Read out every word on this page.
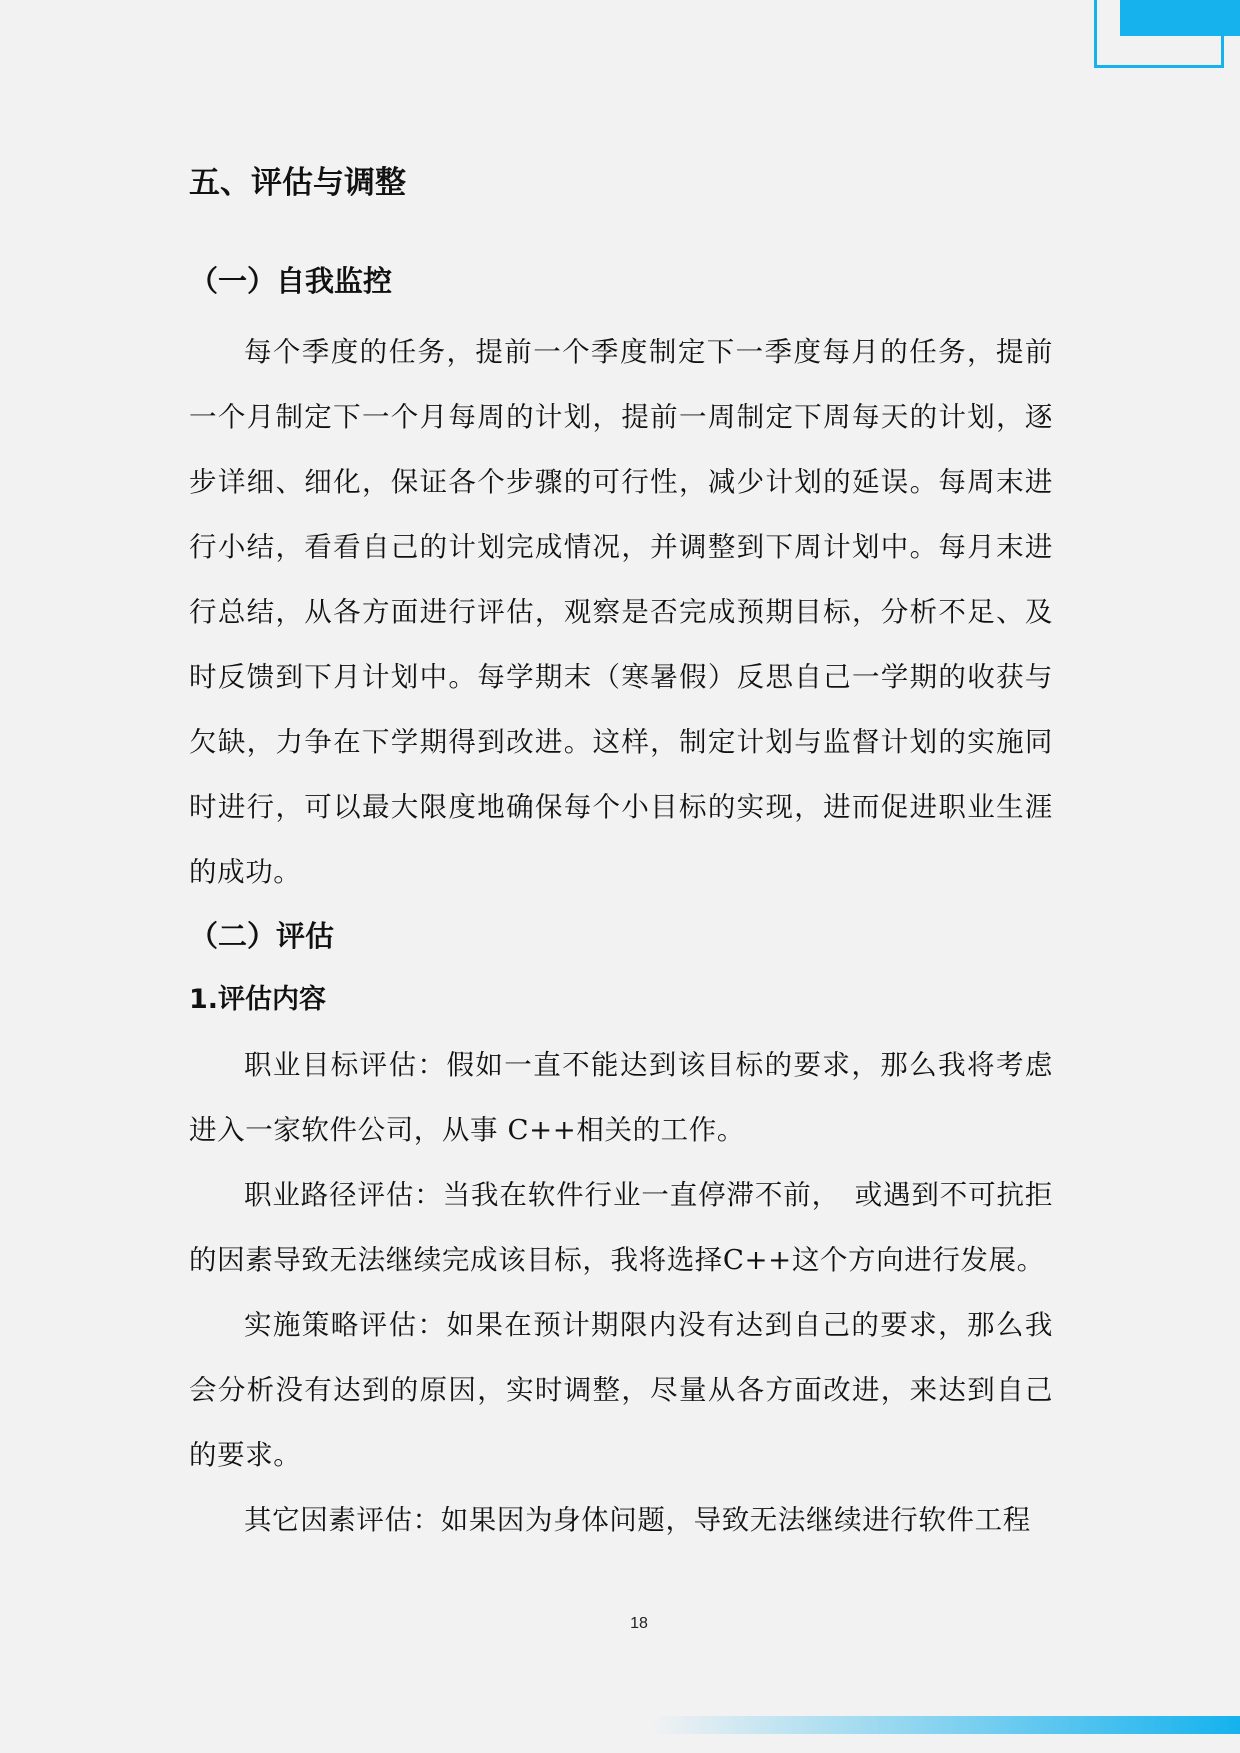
五、评估与调整
（一）自我监控

每个季度的任务，提前一个季度制定下一季度每月的任务，提前一个月制定下一个月每周的计划，提前一周制定下周每天的计划，逐步详细、细化，保证各个步骤的可行性，减少计划的延误。每周末进行小结，看看自己的计划完成情况，并调整到下周计划中。每月末进行总结，从各方面进行评估，观察是否完成预期目标，分析不足、及时反馈到下月计划中。每学期末（寒暑假）反思自己一学期的收获与欠缺，力争在下学期得到改进。这样，制定计划与监督计划的实施同时进行，可以最大限度地确保每个小目标的实现，进而促进职业生涯的成功。

（二）评估
1.评估内容

职业目标评估：假如一直不能达到该目标的要求，那么我将考虑进入一家软件公司，从事 C++相关的工作。

职业路径评估：当我在软件行业一直停滞不前，　或遇到不可抗拒的因素导致无法继续完成该目标，我将选择C++这个方向进行发展。

实施策略评估：如果在预计期限内没有达到自己的要求，那么我会分析没有达到的原因，实时调整，尽量从各方面改进，来达到自己的要求。

其它因素评估：如果因为身体问题，导致无法继续进行软件工程

18
